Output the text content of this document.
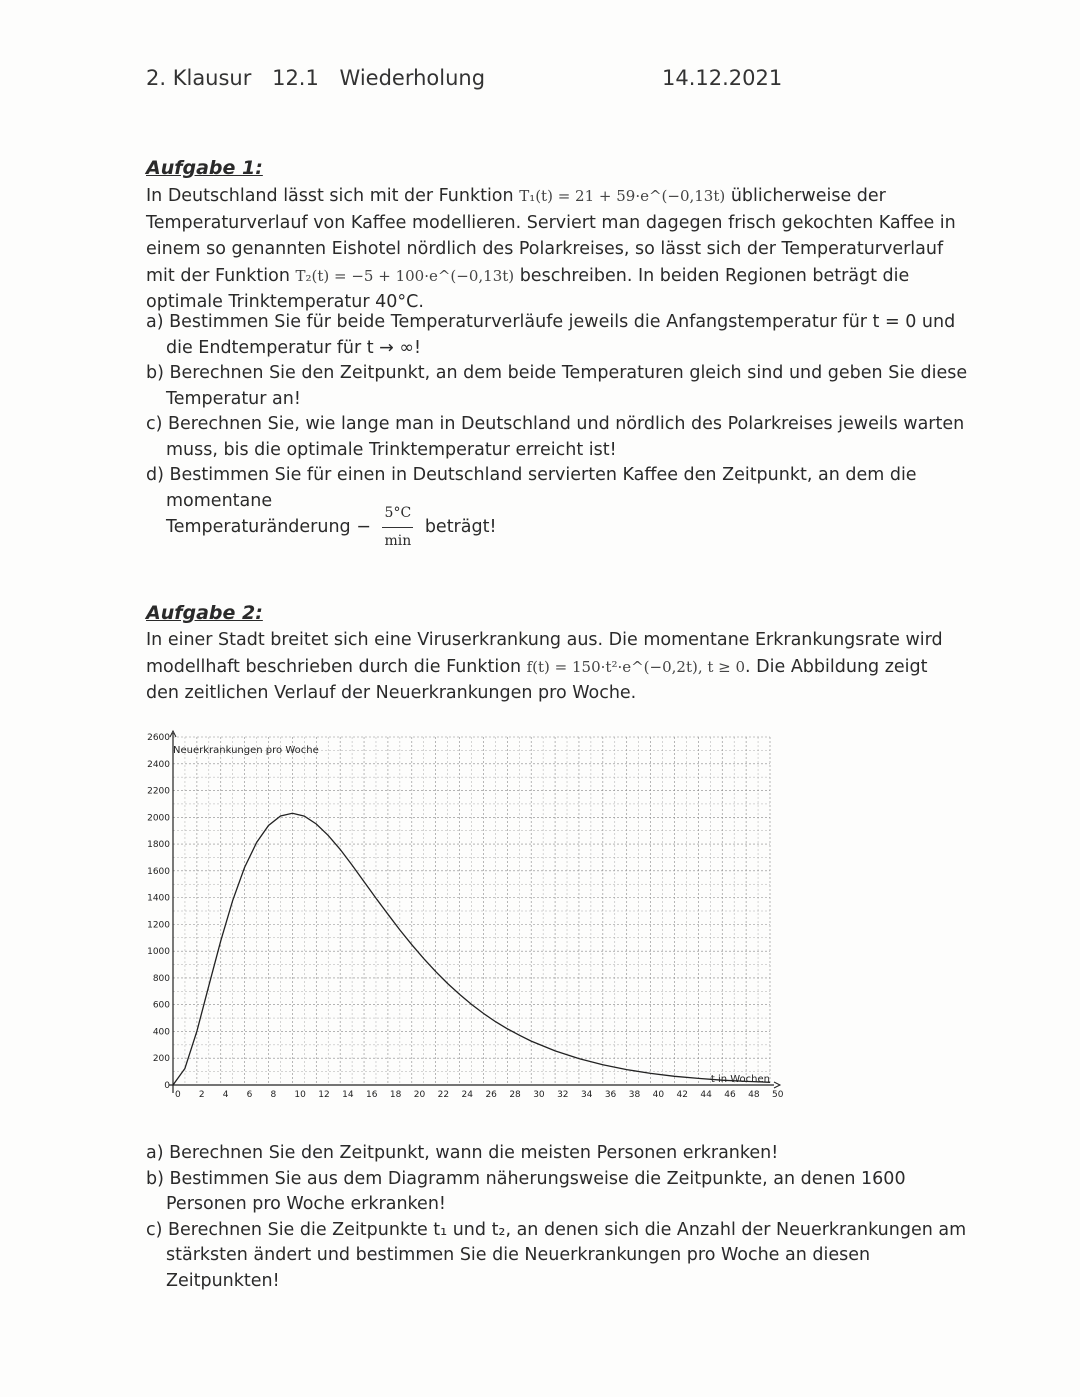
2. Klausur 12.1 Wiederholung	14.12.2021
Aufgabe 1:
In Deutschland lässt sich mit der Funktion T₁(t) = 21 + 59·e^(−0,13t) üblicherweise der Temperaturverlauf von Kaffee modellieren. Serviert man dagegen frisch gekochten Kaffee in einem so genannten Eishotel nördlich des Polarkreises, so lässt sich der Temperaturverlauf mit der Funktion T₂(t) = −5 + 100·e^(−0,13t) beschreiben. In beiden Regionen beträgt die optimale Trinktemperatur 40°C.
a) Bestimmen Sie für beide Temperaturverläufe jeweils die Anfangstemperatur für t = 0 und die Endtemperatur für t → ∞!
b) Berechnen Sie den Zeitpunkt, an dem beide Temperaturen gleich sind und geben Sie diese Temperatur an!
c) Berechnen Sie, wie lange man in Deutschland und nördlich des Polarkreises jeweils warten muss, bis die optimale Trinktemperatur erreicht ist!
d) Bestimmen Sie für einen in Deutschland servierten Kaffee den Zeitpunkt, an dem die momentane
Temperaturänderung − $\frac{5^\circ C}{\min}$ beträgt!
Aufgabe 2:
In einer Stadt breitet sich eine Viruserkrankung aus. Die momentane Erkrankungsrate wird modellhaft beschrieben durch die Funktion f(t) = 150·t²·e^(−0,2t), t ≥ 0. Die Abbildung zeigt den zeitlichen Verlauf der Neuerkrankungen pro Woche.
0
200
400
600
800
1000
1200
1400
1600
1800
2000
2200
2400
2600
0 2 4 6 8 10 12 14 16 18 20 22 24 26 28 30 32 34 36 38 40 42 44 46 48 50
Neuerkrankungen pro Woche
t in Wochen
a) Berechnen Sie den Zeitpunkt, wann die meisten Personen erkranken!
b) Bestimmen Sie aus dem Diagramm näherungsweise die Zeitpunkte, an denen 1600 Personen pro Woche erkranken!
c) Berechnen Sie die Zeitpunkte t₁ und t₂, an denen sich die Anzahl der Neuerkrankungen am stärksten ändert und bestimmen Sie die Neuerkrankungen pro Woche an diesen Zeitpunkten!
